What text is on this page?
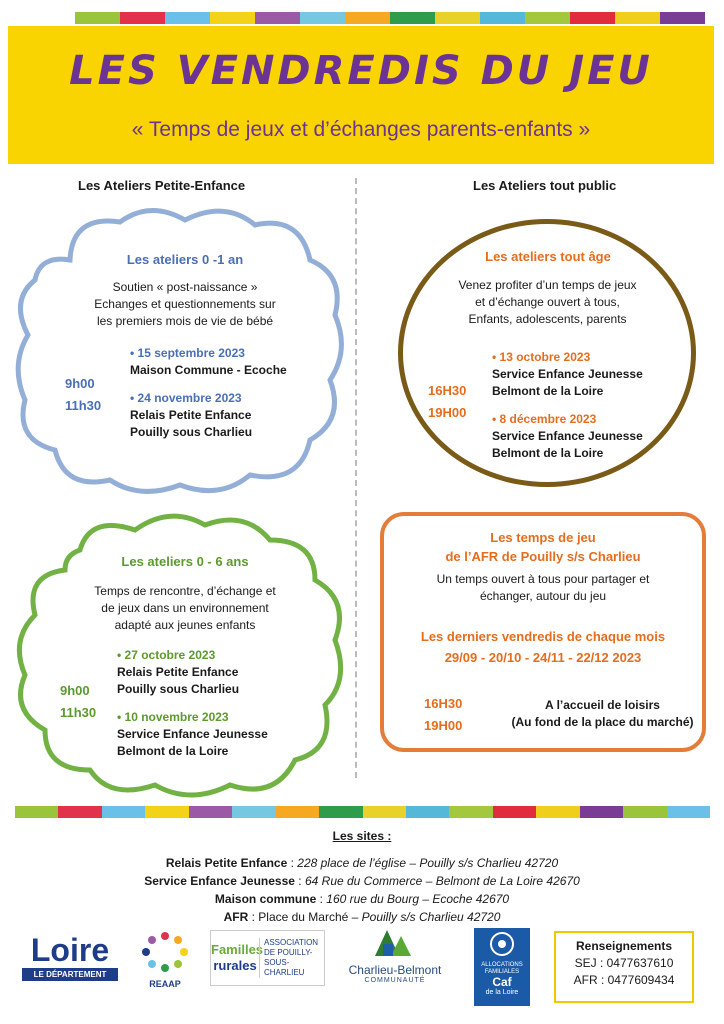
LES VENDREDIS DU JEU
« Temps de jeux et d’échanges parents-enfants »
Les Ateliers Petite-Enfance	Les Ateliers tout public
Les ateliers 0 -1 an
Soutien « post-naissance »
Echanges et questionnements sur
les premiers mois de vie de bébé
9h00
11h30
• 15 septembre 2023
Maison Commune - Ecoche
• 24 novembre 2023
Relais Petite Enfance
Pouilly sous Charlieu
Les ateliers 0 - 6 ans
Temps de rencontre, d’échange et
de jeux dans un environnement
adapté aux jeunes enfants
9h00
11h30
• 27 octobre 2023
Relais Petite Enfance
Pouilly sous Charlieu
• 10 novembre 2023
Service Enfance Jeunesse
Belmont de la Loire
Les ateliers tout âge
Venez profiter d’un temps de jeux
et d’échange ouvert à tous,
Enfants, adolescents, parents
16H30
19H00
• 13 octobre 2023
Service Enfance Jeunesse
Belmont de la Loire
• 8 décembre 2023
Service Enfance Jeunesse
Belmont de la Loire
Les temps de jeu
de l’AFR de Pouilly s/s Charlieu
Un temps ouvert à tous pour partager et
échanger, autour du jeu
Les derniers vendredis de chaque mois
29/09 - 20/10 - 24/11 - 22/12 2023
16H30
19H00
A l’accueil de loisirs
(Au fond de la place du marché)
Les sites :
Relais Petite Enfance : 228 place de l’église – Pouilly s/s Charlieu 42720
Service Enfance Jeunesse : 64 Rue du Commerce – Belmont de La Loire 42670
Maison commune : 160 rue du Bourg – Ecoche 42670
AFR : Place du Marché – Pouilly s/s Charlieu 42720
Loire
LE DÉPARTEMENT
REAAP
Familles
rurales
ASSOCIATION
DE POUILLY-
SOUS-CHARLIEU	Charlieu-Belmont
COMMUNAUTÉ
ALLOCATIONS
FAMILIALES
Caf
de la Loire
Renseignements
SEJ : 0477637610
AFR : 0477609434
